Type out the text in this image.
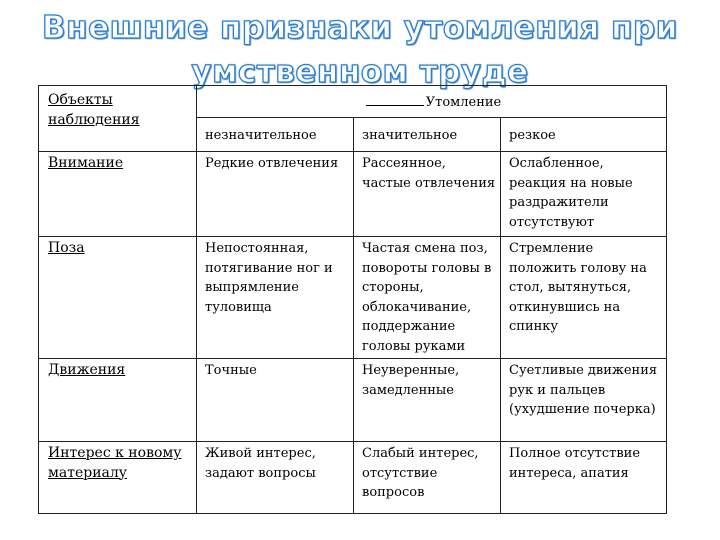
Внешние признаки утомления при умственном труде
Объекты наблюдения	Утомление		
	незначительное	значительное	резкое
Внимание	Редкие отвлечения	Рассеянное, частые отвлечения	Ослабленное, реакция на новые раздражители отсутствуют
Поза	Непостоянная, потягивание ног и выпрямление туловища	Частая смена поз, повороты головы в стороны, облокачивание, поддержание головы руками	Стремление положить голову на стол, вытянуться, откинувшись на спинку
Движения	Точные	Неуверенные, замедленные	Суетливые движения рук и пальцев (ухудшение почерка)
Интерес к новому материалу	Живой интерес, задают вопросы	Слабый интерес, отсутствие вопросов	Полное отсутствие интереса, апатия
